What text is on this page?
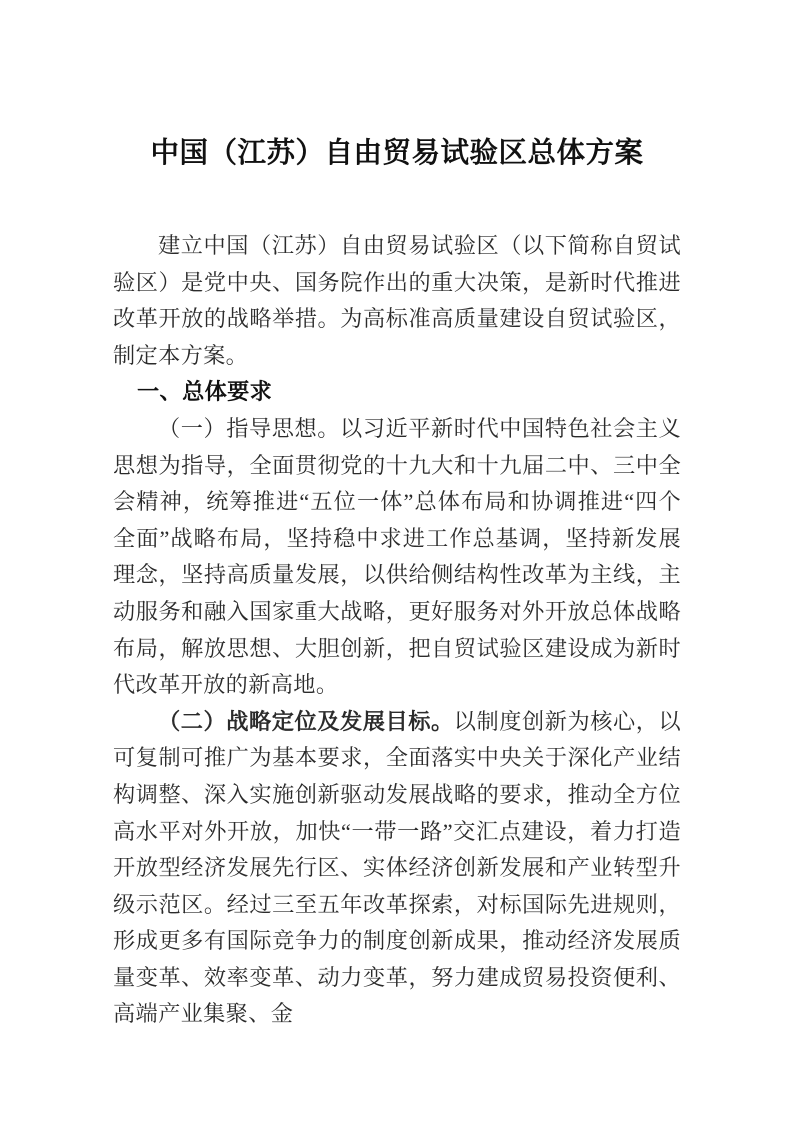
中国（江苏）自由贸易试验区总体方案

建立中国（江苏）自由贸易试验区（以下简称自贸试验区）是党中央、国务院作出的重大决策，是新时代推进改革开放的战略举措。为高标准高质量建设自贸试验区，制定本方案。

一、总体要求

（一）指导思想。以习近平新时代中国特色社会主义思想为指导，全面贯彻党的十九大和十九届二中、三中全会精神，统筹推进“五位一体”总体布局和协调推进“四个全面”战略布局，坚持稳中求进工作总基调，坚持新发展理念，坚持高质量发展，以供给侧结构性改革为主线，主动服务和融入国家重大战略，更好服务对外开放总体战略布局，解放思想、大胆创新，把自贸试验区建设成为新时代改革开放的新高地。

（二）战略定位及发展目标。以制度创新为核心，以可复制可推广为基本要求，全面落实中央关于深化产业结构调整、深入实施创新驱动发展战略的要求，推动全方位高水平对外开放，加快“一带一路”交汇点建设，着力打造开放型经济发展先行区、实体经济创新发展和产业转型升级示范区。经过三至五年改革探索，对标国际先进规则，形成更多有国际竞争力的制度创新成果，推动经济发展质量变革、效率变革、动力变革，努力建成贸易投资便利、高端产业集聚、金
